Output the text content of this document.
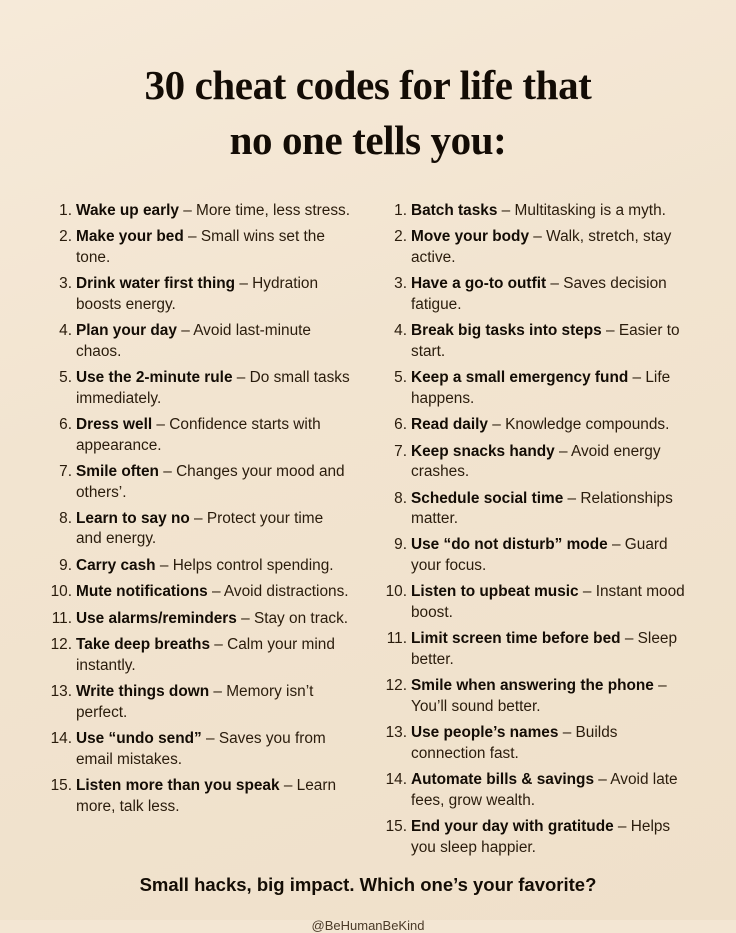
30 cheat codes for life that
no one tells you:
Wake up early – More time, less stress.
Make your bed – Small wins set the tone.
Drink water first thing – Hydration boosts energy.
Plan your day – Avoid last-minute chaos.
Use the 2-minute rule – Do small tasks immediately.
Dress well – Confidence starts with appearance.
Smile often – Changes your mood and others’.
Learn to say no – Protect your time and energy.
Carry cash – Helps control spending.
Mute notifications – Avoid distractions.
Use alarms/reminders – Stay on track.
Take deep breaths – Calm your mind instantly.
Write things down – Memory isn’t perfect.
Use “undo send” – Saves you from email mistakes.
Listen more than you speak – Learn more, talk less.
Batch tasks – Multitasking is a myth.
Move your body – Walk, stretch, stay active.
Have a go-to outfit – Saves decision fatigue.
Break big tasks into steps – Easier to start.
Keep a small emergency fund – Life happens.
Read daily – Knowledge compounds.
Keep snacks handy – Avoid energy crashes.
Schedule social time – Relationships matter.
Use “do not disturb” mode – Guard your focus.
Listen to upbeat music – Instant mood boost.
Limit screen time before bed – Sleep better.
Smile when answering the phone – You’ll sound better.
Use people’s names – Builds connection fast.
Automate bills & savings – Avoid late fees, grow wealth.
End your day with gratitude – Helps you sleep happier.
Small hacks, big impact. Which one’s your favorite?
@BeHumanBeKind
